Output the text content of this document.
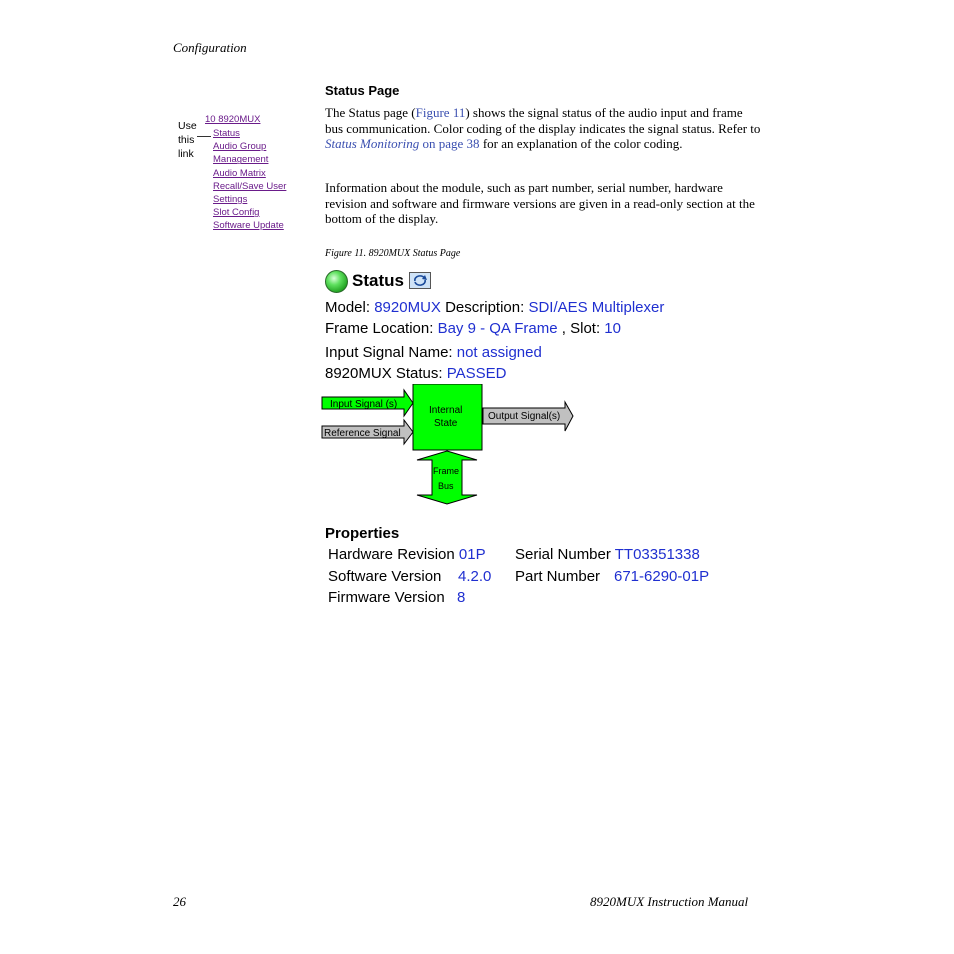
Configuration
Status Page
The Status page (Figure 11) shows the signal status of the audio input and frame bus communication. Color coding of the display indicates the signal status. Refer to Status Monitoring on page 38 for an explanation of the color coding.
Information about the module, such as part number, serial number, hardware revision and software and firmware versions are given in a read-only section at the bottom of the display.
Use
this
link
10 8920MUX
Status
Audio Group
Management
Audio Matrix
Recall/Save User
Settings
Slot Config
Software Update
Figure 11. 8920MUX Status Page
Status
Model: 8920MUX Description: SDI/AES Multiplexer
Frame Location: Bay 9 - QA Frame , Slot: 10
Input Signal Name: not assigned
8920MUX Status: PASSED
Input Signal (s)
Reference Signal
Internal
State
Output Signal(s)
Frame
Bus
Properties
Hardware Revision 01P
Software Version 4.2.0
Firmware Version 8
Serial Number TT03351338
Part Number 671-6290-01P
26	8920MUX Instruction Manual
